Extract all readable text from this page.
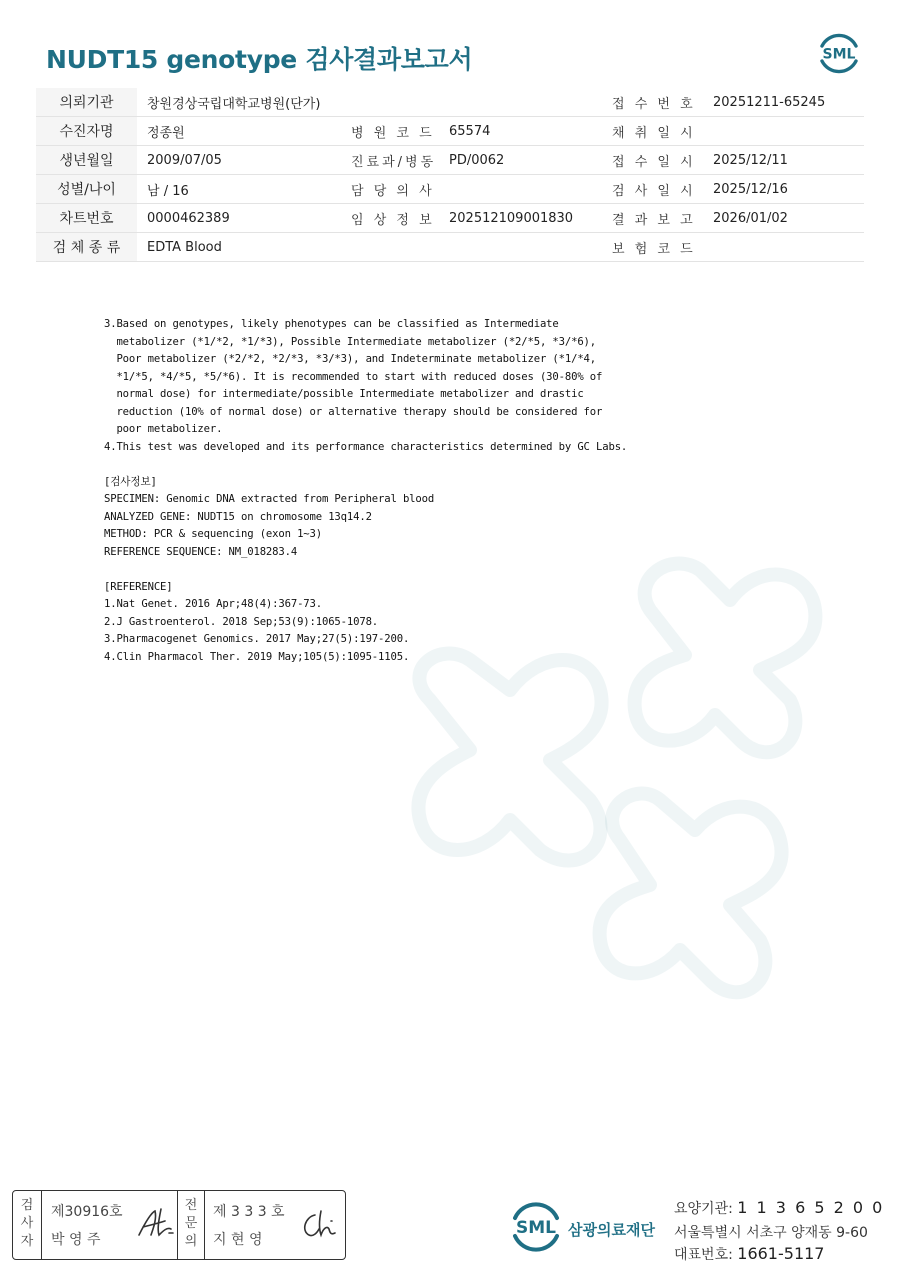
NUDT15 genotype 검사결과보고서	SML
의뢰기관	창원경상국립대학교병원(단가)			접 수 번 호	20251211-65245
수진자명	정종원	병 원 코 드	65574	채 취 일 시	
생년월일	2009/07/05	진료과/병동	PD/0062	접 수 일 시	2025/12/11
성별/나이	남 / 16	담 당 의 사		검 사 일 시	2025/12/16
차트번호	0000462389	임 상 정 보	202512109001830	결 과 보 고	2026/01/02
검 체 종 류	EDTA Blood			보 험 코 드	
3.Based on genotypes, likely phenotypes can be classified as Intermediate
metabolizer (*1/*2, *1/*3), Possible Intermediate metabolizer (*2/*5, *3/*6),
Poor metabolizer (*2/*2, *2/*3, *3/*3), and Indeterminate metabolizer (*1/*4,
*1/*5, *4/*5, *5/*6). It is recommended to start with reduced doses (30-80% of
normal dose) for intermediate/possible Intermediate metabolizer and drastic
reduction (10% of normal dose) or alternative therapy should be considered for
poor metabolizer.
4.This test was developed and its performance characteristics determined by GC Labs.
[검사정보]
SPECIMEN: Genomic DNA extracted from Peripheral blood
ANALYZED GENE: NUDT15 on chromosome 13q14.2
METHOD: PCR & sequencing (exon 1~3)
REFERENCE SEQUENCE: NM_018283.4
[REFERENCE]
1.Nat Genet. 2016 Apr;48(4):367-73.
2.J Gastroenterol. 2018 Sep;53(9):1065-1078.
3.Pharmacogenet Genomics. 2017 May;27(5):197-200.
4.Clin Pharmacol Ther. 2019 May;105(5):1095-1105.
검
사
자
제30916호
박 영 주
전
문
의
제 3 3 3 호
지 현 영
SML 삼광의료재단
요양기관: 1 1 3 6 5 2 0 0
서울특별시 서초구 양재동 9-60
대표번호: 1661-5117
